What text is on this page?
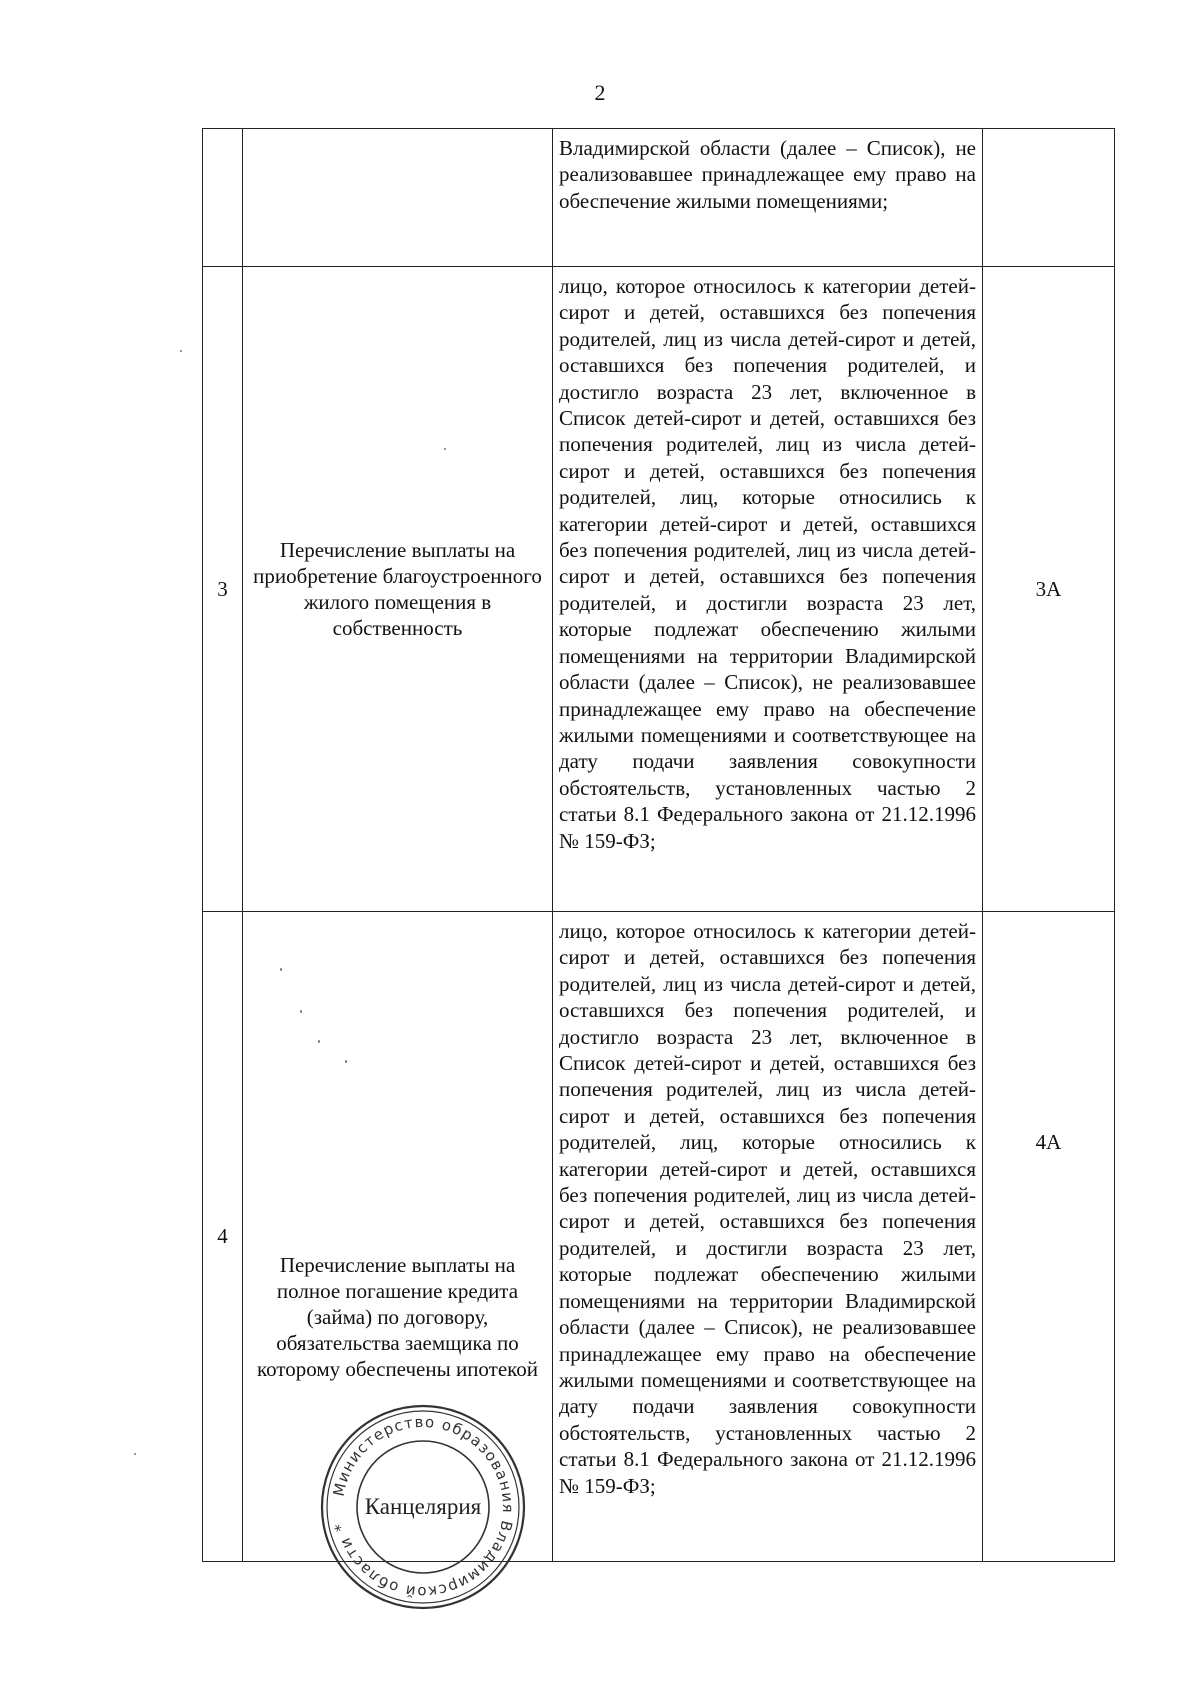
2
		Владимирской области (далее – Список), не реализовавшее принадлежащее ему право на обеспечение жилыми помещениями;	
3	Перечисление выплаты на приобретение благоустроенного жилого помещения в собственность	лицо, которое относилось к категории детей-сирот и детей, оставшихся без попечения родителей, лиц из числа детей-сирот и детей, оставшихся без попечения родителей, и достигло возраста 23 лет, включенное в Список детей-сирот и детей, оставшихся без попечения родителей, лиц из числа детей-сирот и детей, оставшихся без попечения родителей, лиц, которые относились к категории детей-сирот и детей, оставшихся без попечения родителей, лиц из числа детей-сирот и детей, оставшихся без попечения родителей, и достигли возраста 23 лет, которые подлежат обеспечению жилыми помещениями на территории Владимирской области (далее – Список), не реализовавшее принадлежащее ему право на обеспечение жилыми помещениями и соответствующее на дату подачи заявления совокупности обстоятельств, установленных частью 2 статьи 8.1 Федерального закона от 21.12.1996 № 159-ФЗ;	3А
4	Перечисление выплаты на полное погашение кредита (займа) по договору, обязательства заемщика по которому обеспечены ипотекой	лицо, которое относилось к категории детей-сирот и детей, оставшихся без попечения родителей, лиц из числа детей-сирот и детей, оставшихся без попечения родителей, и достигло возраста 23 лет, включенное в Список детей-сирот и детей, оставшихся без попечения родителей, лиц из числа детей-сирот и детей, оставшихся без попечения родителей, лиц, которые относились к категории детей-сирот и детей, оставшихся без попечения родителей, лиц из числа детей-сирот и детей, оставшихся без попечения родителей, и достигли возраста 23 лет, которые подлежат обеспечению жилыми помещениями на территории Владимирской области (далее – Список), не реализовавшее принадлежащее ему право на обеспечение жилыми помещениями и соответствующее на дату подачи заявления совокупности обстоятельств, установленных частью 2 статьи 8.1 Федерального закона от 21.12.1996 № 159-ФЗ;	4А
Министерство образования Владимирской области *
Канцелярия
